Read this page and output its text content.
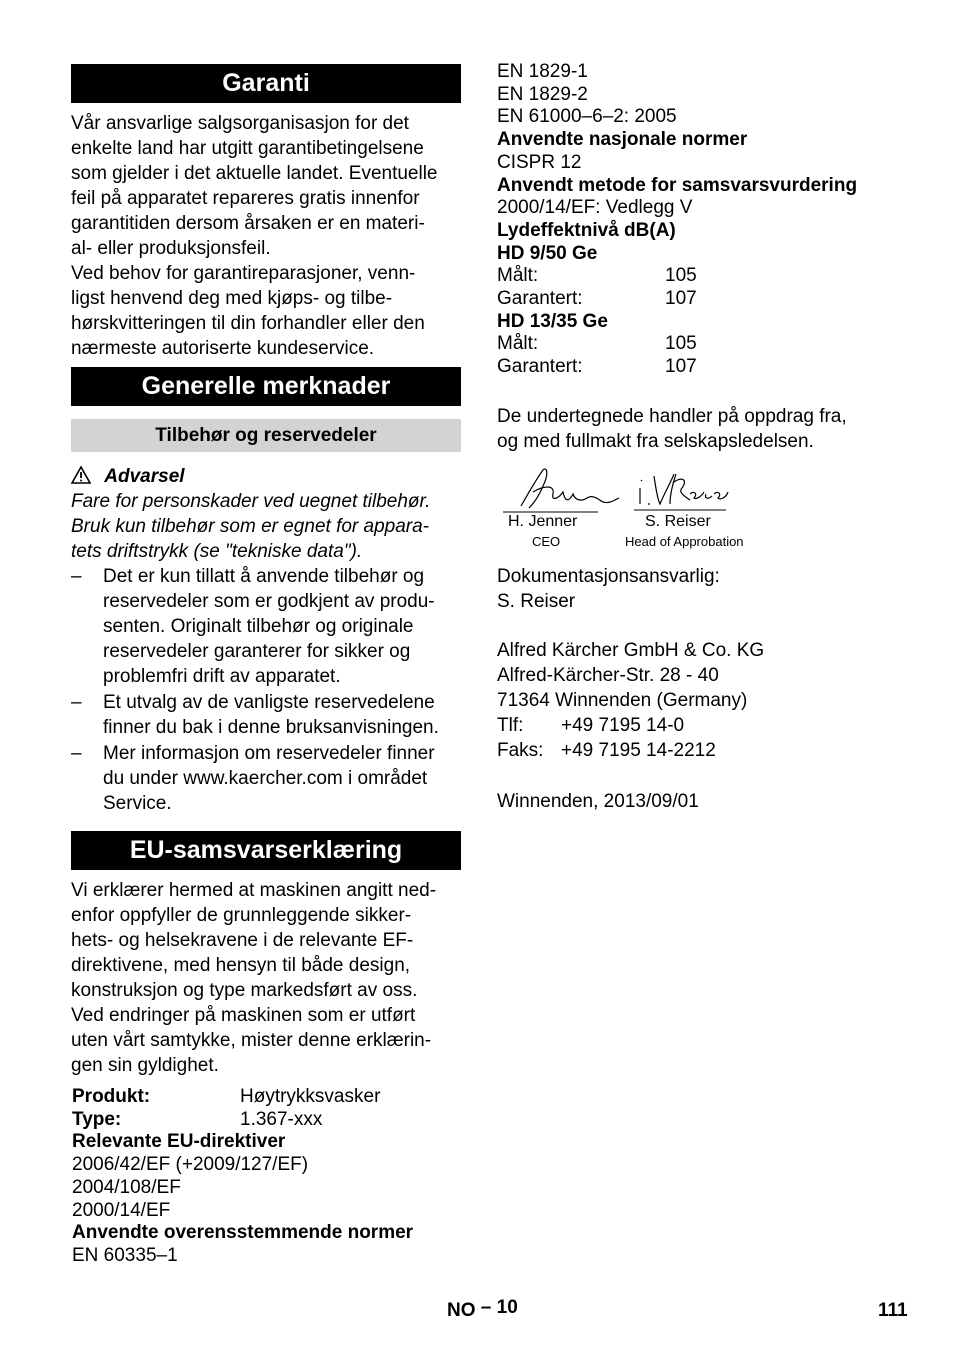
Garanti

Vår ansvarlige salgsorganisasjon for det
enkelte land har utgitt garantibetingelsene
som gjelder i det aktuelle landet. Eventuelle
feil på apparatet repareres gratis innenfor
garantitiden dersom årsaken er en materi-
al- eller produksjonsfeil.

Ved behov for garantireparasjoner, venn-
ligst henvend deg med kjøps- og tilbe-
hørskvitteringen til din forhandler eller den
nærmeste autoriserte kundeservice.

Generelle merknader
Tilbehør og reservedeler
Advarsel

Fare for personskader ved uegnet tilbehør.
Bruk kun tilbehør som er egnet for appara-
tets driftstrykk (se "tekniske data").

– Det er kun tillatt å anvende tilbehør og
reservedeler som er godkjent av produ-
senten. Originalt tilbehør og originale
reservedeler garanterer for sikker og
problemfri drift av apparatet.
– Et utvalg av de vanligste reservedelene
finner du bak i denne bruksanvisningen.
– Mer informasjon om reservedeler finner
du under www.kaercher.com i området
Service.
EU-samsvarserklæring

Vi erklærer hermed at maskinen angitt ned-
enfor oppfyller de grunnleggende sikker-
hets- og helsekravene i de relevante EF-
direktivene, med hensyn til både design,
konstruksjon og type markedsført av oss.
Ved endringer på maskinen som er utført
uten vårt samtykke, mister denne erklærin-
gen sin gyldighet.

Produkt:	Høytrykksvasker
Type:	1.367-xxx
Relevante EU-direktiver
2006/42/EF (+2009/127/EF)
2004/108/EF
2000/14/EF
Anvendte overensstemmende normer
EN 60335–1
EN 1829-1
EN 1829-2
EN 61000–6–2: 2005
Anvendte nasjonale normer
CISPR 12
Anvendt metode for samsvarsvurdering
2000/14/EF: Vedlegg V
Lydeffektnivå dB(A)
HD 9/50 Ge
Målt:	105
Garantert:	107
HD 13/35 Ge
Målt:	105
Garantert:	107

De undertegnede handler på oppdrag fra,
og med fullmakt fra selskapsledelsen.

H. Jenner
CEO
S. Reiser
Head of Approbation

Dokumentasjonsansvarlig:
S. Reiser

Alfred Kärcher GmbH & Co. KG
Alfred-Kärcher-Str. 28 - 40
71364 Winnenden (Germany)
Tlf: +49 7195 14-0
Faks: +49 7195 14-2212

Winnenden, 2013/09/01
NO – 10	111
